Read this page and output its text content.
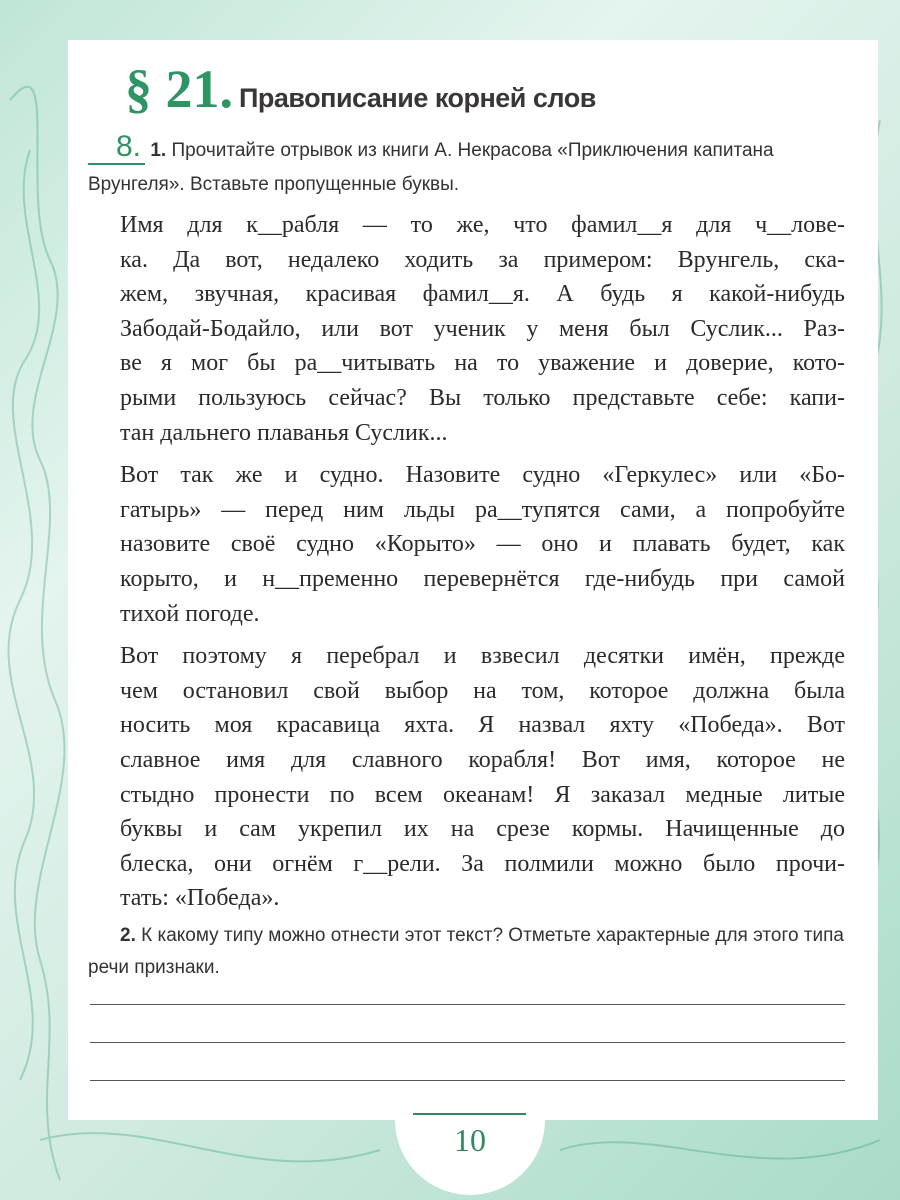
10
§ 21. Правописание корней слов
8. 1. Прочитайте отрывок из книги А. Некрасова «Приключения капитана Врунгеля». Вставьте пропущенные буквы.
Имя для к__рабля — то же, что фамил__я для ч__лове-
ка. Да вот, недалеко ходить за примером: Врунгель, ска-
жем, звучная, красивая фамил__я. А будь я какой-нибудь
Забодай-Бодайло, или вот ученик у меня был Суслик... Раз-
ве я мог бы ра__читывать на то уважение и доверие, кото-
рыми пользуюсь сейчас? Вы только представьте себе: капи-
тан дальнего плаванья Суслик...
Вот так же и судно. Назовите судно «Геркулес» или «Бо-
гатырь» — перед ним льды ра__тупятся сами, а попробуйте
назовите своё судно «Корыто» — оно и плавать будет, как
корыто, и н__пременно перевернётся где-нибудь при самой
тихой погоде.
Вот поэтому я перебрал и взвесил десятки имён, прежде
чем остановил свой выбор на том, которое должна была
носить моя красавица яхта. Я назвал яхту «Победа». Вот
славное имя для славного корабля! Вот имя, которое не
стыдно пронести по всем океанам! Я заказал медные литые
буквы и сам укрепил их на срезе кормы. Начищенные до
блеска, они огнём г__рели. За полмили можно было прочи-
тать: «Победа».
2. К какому типу можно отнести этот текст? Отметьте характерные для этого типа речи признаки.
